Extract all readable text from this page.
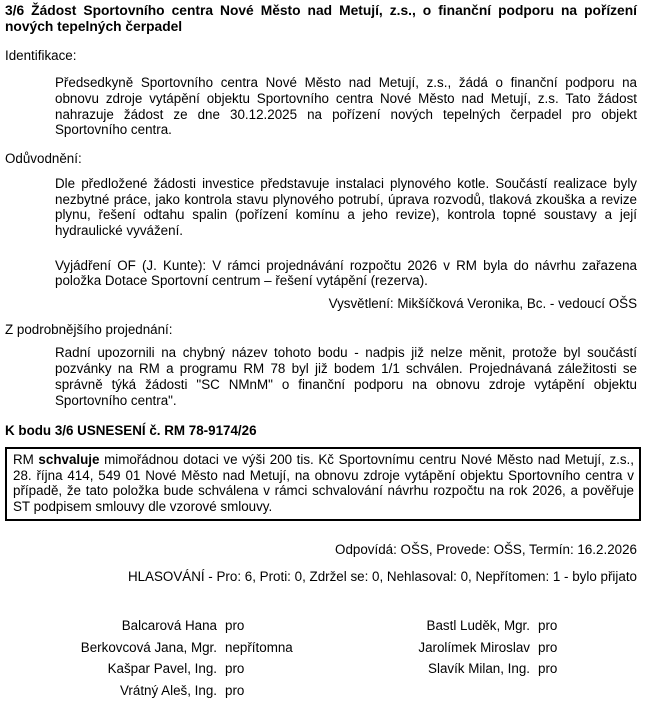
3/6 Žádost Sportovního centra Nové Město nad Metují, z.s., o finanční podporu na pořízení nových tepelných čerpadel
Identifikace:

Předsedkyně Sportovního centra Nové Město nad Metují, z.s., žádá o finanční podporu na obnovu zdroje vytápění objektu Sportovního centra Nové Město nad Metují, z.s. Tato žádost nahrazuje žádost ze dne 30.12.2025 na pořízení nových tepelných čerpadel pro objekt Sportovního centra.

Odůvodnění:

Dle předložené žádosti investice představuje instalaci plynového kotle. Součástí realizace byly nezbytné práce, jako kontrola stavu plynového potrubí, úprava rozvodů, tlaková zkouška a revize plynu, řešení odtahu spalin (pořízení komínu a jeho revize), kontrola topné soustavy a její hydraulické vyvážení.

Vyjádření OF (J. Kunte): V rámci projednávání rozpočtu 2026 v RM byla do návrhu zařazena položka Dotace Sportovní centrum – řešení vytápění (rezerva).

Vysvětlení: Mikšíčková Veronika, Bc. - vedoucí OŠS
Z podrobnějšího projednání:

Radní upozornili na chybný název tohoto bodu - nadpis již nelze měnit, protože byl součástí pozvánky na RM a programu RM 78 byl již bodem 1/1 schválen. Projednávaná záležitosti se správně týká žádosti "SC NMnM" o finanční podporu na obnovu zdroje vytápění objektu Sportovního centra".

K bodu 3/6 USNESENÍ č. RM 78-9174/26
RM schvaluje mimořádnou dotaci ve výši 200 tis. Kč Sportovnímu centru Nové Město nad Metují, z.s., 28. října 414, 549 01 Nové Město nad Metují, na obnovu zdroje vytápění objektu Sportovního centra v případě, že tato položka bude schválena v rámci schvalování návrhu rozpočtu na rok 2026, a pověřuje ST podpisem smlouvy dle vzorové smlouvy.
Odpovídá: OŠS, Provede: OŠS, Termín: 16.2.2026
HLASOVÁNÍ - Pro: 6, Proti: 0, Zdržel se: 0, Nehlasoval: 0, Nepřítomen: 1 - bylo přijato
Balcarová Hana pro
Berkovcová Jana, Mgr. nepřítomna
Kašpar Pavel, Ing. pro
Vrátný Aleš, Ing. pro
Bastl Luděk, Mgr. pro
Jarolímek Miroslav pro
Slavík Milan, Ing. pro
